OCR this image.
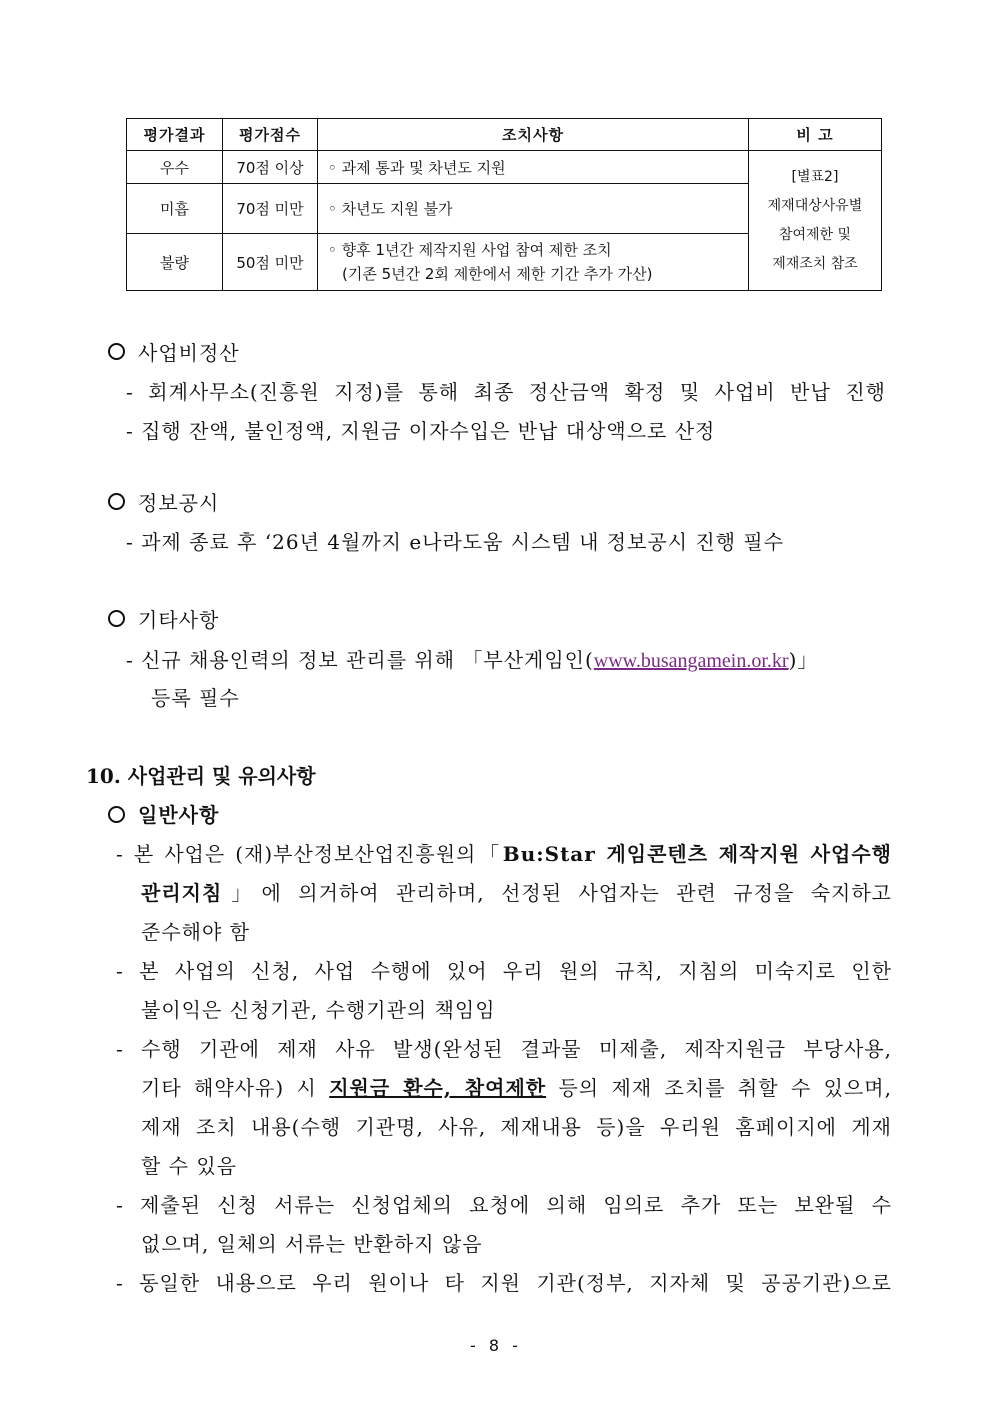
평가결과	평가점수	조치사항	비 고
우수	70점 이상	◦ 과제 통과 및 차년도 지원	[별표2]
제재대상사유별
참여제한 및
제재조치 참조

미흡	70점 미만	◦ 차년도 지원 불가	
불량	50점 미만	◦ 향후 1년간 제작지원 사업 참여 제한 조치
(기존 5년간 2회 제한에서 제한 기간 추가 가산)	
사업비정산
- 회계사무소(진흥원 지정)를 통해 최종 정산금액 확정 및 사업비 반납 진행
- 집행 잔액, 불인정액, 지원금 이자수입은 반납 대상액으로 산정
정보공시
- 과제 종료 후 ‘26년 4월까지 e나라도움 시스템 내 정보공시 진행 필수
기타사항
- 신규 채용인력의 정보 관리를 위해 「부산게임인(www.busangamein.or.kr)」
등록 필수
10. 사업관리 및 유의사항
일반사항
- 본 사업은 (재)부산정보산업진흥원의「Bu:Star 게임콘텐츠 제작지원 사업수행
관리지침」에 의거하여 관리하며, 선정된 사업자는 관련 규정을 숙지하고
준수해야 함
- 본 사업의 신청, 사업 수행에 있어 우리 원의 규칙, 지침의 미숙지로 인한
불이익은 신청기관, 수행기관의 책임임
- 수행 기관에 제재 사유 발생(완성된 결과물 미제출, 제작지원금 부당사용,
기타 해약사유) 시 지원금 환수, 참여제한 등의 제재 조치를 취할 수 있으며,
제재 조치 내용(수행 기관명, 사유, 제재내용 등)을 우리원 홈페이지에 게재
할 수 있음
- 제출된 신청 서류는 신청업체의 요청에 의해 임의로 추가 또는 보완될 수
없으며, 일체의 서류는 반환하지 않음
- 동일한 내용으로 우리 원이나 타 지원 기관(정부, 지자체 및 공공기관)으로
- 8 -
